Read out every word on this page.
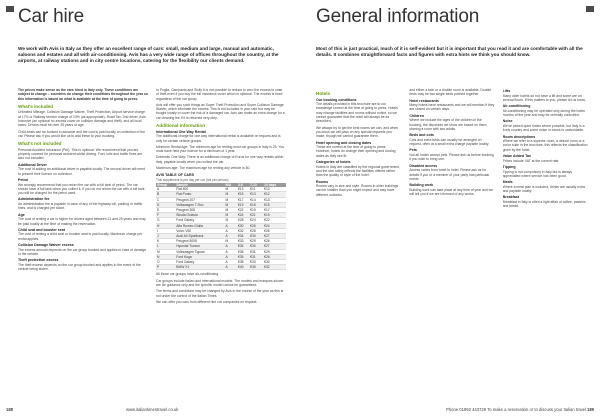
Car hire

We work with Avis in Italy as they offer an excellent range of cars: small, medium and large, manual and automatic, saloons and estates and all with air-conditioning. Avis has a very wide range of offices throughout the country, at the airports, at railway stations and in city centre locations, catering for the flexibility our clients demand.

The prices make sense as the cars hired in Italy only. These conditions are subject to change – countries do change their conditions throughout the year so this information is based on what is available at the time of going to press.

What's included

Unlimited Mileage, Collision Damage Waiver, Theft Protection, Airport service charge at 17% or Railway service charge of 13% (as appropriate), Road Tax, 2nd driver, Avis Inclusive (an optional no-excess cover on collision damage and theft), and all local taxes. Drivers must be over 25 years of age.

Child seats can be booked in advance and the cost is paid locally on collection of the car. Please ask if you would like us to add these to your booking.

What's not included

Personal Accident Insurance (PAI). This is optional. We recommend that you are properly covered for personal accident whilst driving. Fuel, tolls and traffic fines are also not included.

Additional Driver

The cost of adding an additional driver is payable locally. The second driver will need to present their licence on collection.

Petrol

We strongly recommend that you return the car with a full tank of petrol. The car should have a full tank when you collect it. If you do not return the car with a full tank you will be charged for the petrol used.

Administration fee

An administration fee is payable in case of any of the highway toll, parking or traffic fines, and is charged per ticket.

Age

The cost of renting a car is higher for drivers aged between 21 and 25 years and may be paid locally at the time of making the reservation.

Child seat and booster seat

The cost of renting a child seat or booster seat is paid locally. Maximum charge per rental applies.

Collision Damage Waiver excess

The excess amount depends on the car group booked and applies in case of damage to the vehicle.

Theft protection excess

The theft excess depends on the car group booked and applies in the event of the vehicle being stolen.

In Puglia, Campania and Sicily it is not possible to reduce to zero the excess in case of theft even if you buy the full insurance cover which is optional. The excess is fixed regardless of the car group.

Avis will offer you such things as Super Theft Protection and Super Collision Damage Waiver, which eliminate the excess. This is not included in your rate but may be bought locally to cover the risk of a damaged car. Avis can make an extra charge for a car cleaning fee if it is returned very dirty.

Additional information
International One Way Rental

The additional charge for one way international rental is available on request and is only for certain vehicle groups.

Minimum Rental Age: The minimum age for renting most car groups in Italy is 25. You must have held your licence for a minimum of 1 year.

Domestic One Way: There is an additional charge of Euros for one way rentals within Italy, payable locally when you collect the car.

Maximum age: The maximum age for renting any vehicle is 80.

AVIS TABLE OF CARS
This supplement is per day per car (not per person).
Group	Sample	N/A	3-6	7-13	14 days
A	Fiat 500	M	€13	€11	€10
B	Fiat Punto	M	€15	€13	€12
C	Peugeot 207	M	€17	€14	€13
D	Volkswagen T-Roc	M	€19	€16	€15
E	Peugeot 308	M	€22	€19	€17
F	Skoda Octavia	M	€24	€21	€19
G	Ford Galaxy	M	€28	€24	€22
H	Alfa Romeo Giulia	A	€30	€26	€24
I	Volvo V60	A	€32	€28	€26
J	Audi A4 Sportback	A	€34	€30	€27
K	Peugeot 5008	M	€33	€29	€26
L	Hyundai Tucson	A	€34	€30	€27
M	Volkswagen Tiguan	A	€36	€31	€29
N	Ford Kuga	A	€35	€31	€28
O	Ford Galaxy	A	€38	€33	€30
P	BMW X1	A	€40	€35	€32

All those car groups have air-conditioning.

Car groups include Italian and international models. The models and marques shown are for guidance only and the specific model cannot be guaranteed.

The terms and conditions may be changed by Avis in the course of the year as this is not under the control of the Italian Times.

We can offer you cars from different hire car companies on request.

188	www.italiantimestravel.co.uk
General information

Most of this is just practical, much of it is self-evident but it is important that you read it and are comfortable with all the details. It combines straightforward facts and figures with extra hints we think you should know.

Hotels
Our booking conditions

The details provided in this brochure are to our knowledge correct at the time of going to press. Hotels may change facilities and rooms without notice, so we cannot guarantee that the hotel will always be as described.

We always try to get the best rooms we can, and when you book we will pass on any special requests you make, though we cannot guarantee them.

Hotel opening and closing dates

These are correct at the time of going to press. However, hotels do change their opening and closing dates as they see fit.

Categories of hotels

Hotels in Italy are classified by the regional government, and the star rating reflects the facilities offered rather than the quality or style of the hotel.

Rooms

Rooms vary in size and style. Rooms in older buildings can be smaller than you might expect and may have different outlooks.

and either a twin or a double room is available. Double beds may be two single beds pushed together.

Hotel restaurants

Many hotels have restaurants and we will mention if they are closed on certain days.

Children

Where we include the ages of the children in the booking, the discounts we show are based on them sharing a room with two adults.

Beds and cots

Cots and extra beds can usually be arranged on request, often at a small extra charge payable locally.

Pets

Not all hotels accept pets. Please ask us before booking if you wish to bring one.

Disabled access

Access varies from hotel to hotel. Please ask us for details if you or a member of your party has particular needs.

Building work

Building work can take place at any time of year and we will tell you if we are informed of any works.

Lifts

Many older hotels do not have a lift and some are on several floors. If this matters to you, please let us know.

Air-conditioning

Air-conditioning may be operated only during the hotter months of the year and may be centrally controlled.

Noise

We've picked quiet hotels where possible, but Italy is a lively country and some noise in towns is unavoidable.

Room descriptions

Where we refer to a superior room, a deluxe room or a junior suite in the brochure, this reflects the classification given by the hotel.

Value Added Tax

Prices include VAT at the current rate.

Tipping

Tipping is not compulsory in Italy but is always appreciated where service has been good.

Meals

Where a meal plan is included, drinks are usually extra and payable locally.

Breakfast

Breakfast in Italy is often a light affair of coffee, pastries and bread.

Phone 01992 443729 To make a reservation or to discuss your Italian travel 189
